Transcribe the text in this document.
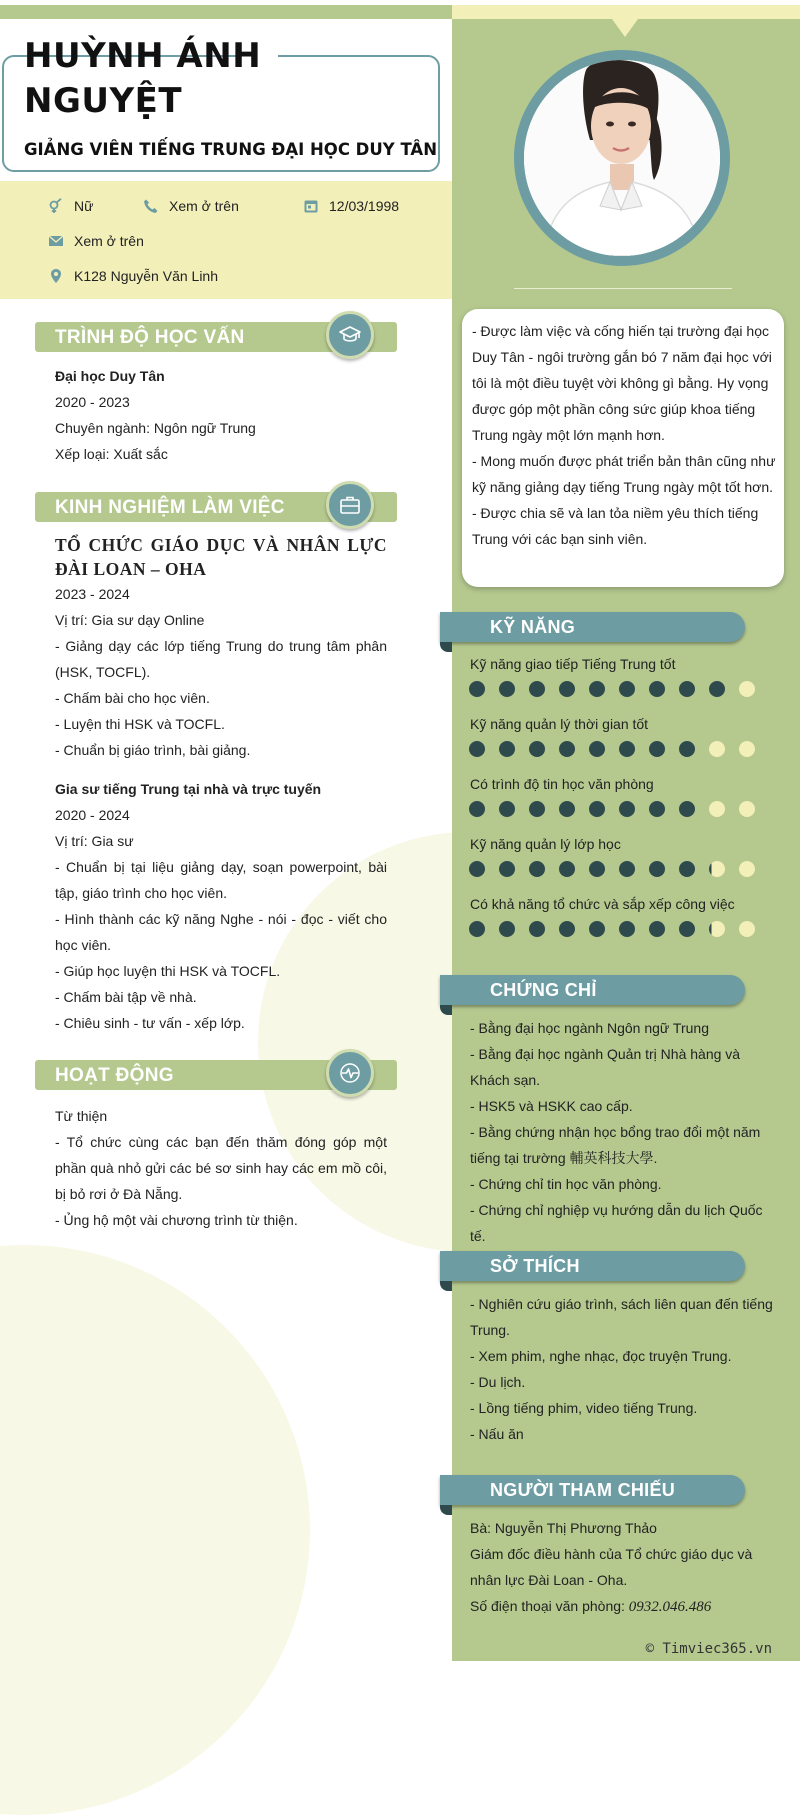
HUỲNH ÁNH
NGUYỆT
GIẢNG VIÊN TIẾNG TRUNG ĐẠI HỌC DUY TÂN
Nữ	Xem ở trên	12/03/1998
Xem ở trên
K128 Nguyễn Văn Linh

- Được làm việc và cống hiến tại trường đại học Duy Tân - ngôi trường gắn bó 7 năm đại học với tôi là một điều tuyệt vời không gì bằng. Hy vọng được góp một phần công sức giúp khoa tiếng Trung ngày một lớn mạnh hơn.

- Mong muốn được phát triển bản thân cũng như kỹ năng giảng dạy tiếng Trung ngày một tốt hơn.

- Được chia sẽ và lan tỏa niềm yêu thích tiếng Trung với các bạn sinh viên.

TRÌNH ĐỘ HỌC VẤN

Đại học Duy Tân

2020 - 2023

Chuyên ngành: Ngôn ngữ Trung

Xếp loại: Xuất sắc

KINH NGHIỆM LÀM VIỆC

TỔ CHỨC GIÁO DỤC VÀ NHÂN LỰC ĐÀI LOAN – OHA

2023 - 2024

Vị trí: Gia sư dạy Online

- Giảng dạy các lớp tiếng Trung do trung tâm phân (HSK, TOCFL).

- Chấm bài cho học viên.

- Luyện thi HSK và TOCFL.

- Chuẩn bị giáo trình, bài giảng.

Gia sư tiếng Trung tại nhà và trực tuyến

2020 - 2024

Vị trí: Gia sư

- Chuẩn bị tại liệu giảng dạy, soạn powerpoint, bài tập, giáo trình cho học viên.

- Hình thành các kỹ năng Nghe - nói - đọc - viết cho học viên.

- Giúp học luyện thi HSK và TOCFL.

- Chấm bài tập về nhà.

- Chiêu sinh - tư vấn - xếp lớp.

HOẠT ĐỘNG

Từ thiện

- Tổ chức cùng các bạn đến thăm đóng góp một phần quà nhỏ gửi các bé sơ sinh hay các em mồ côi, bị bỏ rơi ở Đà Nẵng.

- Ủng hộ một vài chương trình từ thiện.

KỸ NĂNG
Kỹ năng giao tiếp Tiếng Trung tốt
Kỹ năng quản lý thời gian tốt
Có trình độ tin học văn phòng
Kỹ năng quản lý lớp học
Có khả năng tổ chức và sắp xếp công việc
CHỨNG CHỈ

- Bằng đại học ngành Ngôn ngữ Trung

- Bằng đại học ngành Quản trị Nhà hàng và Khách sạn.

- HSK5 và HSKK cao cấp.

- Bằng chứng nhận học bổng trao đổi một năm tiếng tại trường 輔英科技大學.

- Chứng chỉ tin học văn phòng.

- Chứng chỉ nghiệp vụ hướng dẫn du lịch Quốc tế.

SỞ THÍCH

- Nghiên cứu giáo trình, sách liên quan đến tiếng Trung.

- Xem phim, nghe nhạc, đọc truyện Trung.

- Du lịch.

- Lồng tiếng phim, video tiếng Trung.

- Nấu ăn

NGƯỜI THAM CHIẾU

Bà: Nguyễn Thị Phương Thảo

Giám đốc điều hành của Tổ chức giáo dục và nhân lực Đài Loan - Oha.

Số điện thoại văn phòng: 0932.046.486

© Timviec365.vn
